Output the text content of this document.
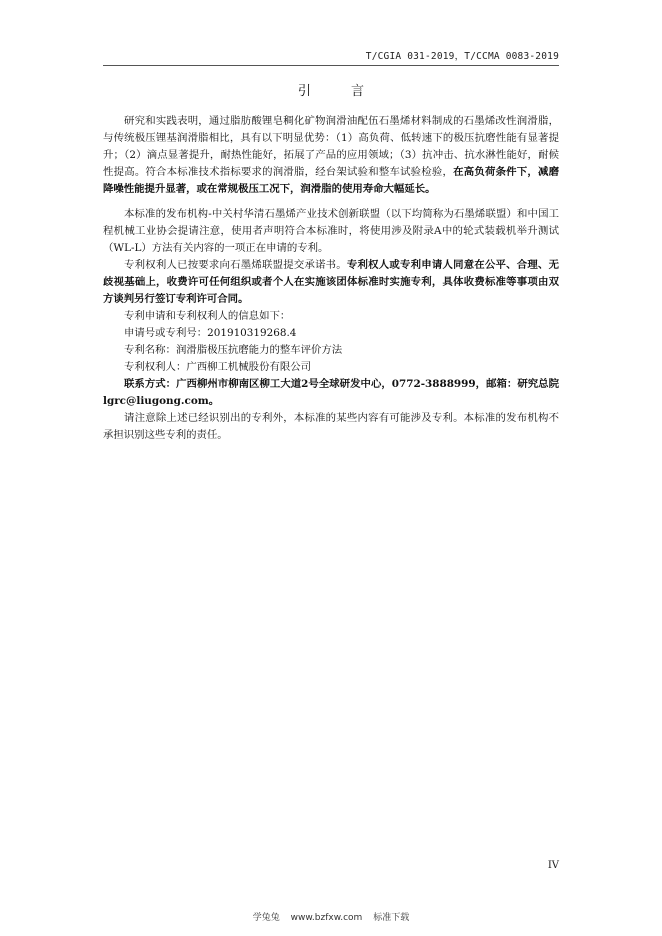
T/CGIA 031-2019，T/CCMA 0083-2019
引 言

研究和实践表明，通过脂肪酸锂皂稠化矿物润滑油配伍石墨烯材料制成的石墨烯改性润滑脂，与传统极压锂基润滑脂相比，具有以下明显优势：（1）高负荷、低转速下的极压抗磨性能有显著提升；（2）滴点显著提升，耐热性能好，拓展了产品的应用领域；（3）抗冲击、抗水淋性能好，耐候性提高。符合本标准技术指标要求的润滑脂，经台架试验和整车试验检验，在高负荷条件下，减磨降噪性能提升显著，或在常规极压工况下，润滑脂的使用寿命大幅延长。

本标准的发布机构-中关村华清石墨烯产业技术创新联盟（以下均简称为石墨烯联盟）和中国工程机械工业协会提请注意，使用者声明符合本标准时，将使用涉及附录A中的轮式装载机举升测试（WL-L）方法有关内容的一项正在申请的专利。

专利权利人已按要求向石墨烯联盟提交承诺书。专利权人或专利申请人同意在公平、合理、无歧视基础上，收费许可任何组织或者个人在实施该团体标准时实施专利，具体收费标准等事项由双方谈判另行签订专利许可合同。

专利申请和专利权利人的信息如下：

申请号或专利号：201910319268.4

专利名称：润滑脂极压抗磨能力的整车评价方法

专利权利人：广西柳工机械股份有限公司

联系方式：广西柳州市柳南区柳工大道2号全球研发中心，0772-3888999，邮箱：研究总院 lgrc@liugong.com。

请注意除上述已经识别出的专利外，本标准的某些内容有可能涉及专利。本标准的发布机构不承担识别这些专利的责任。

IV
学兔兔 www.bzfxw.com 标准下载
